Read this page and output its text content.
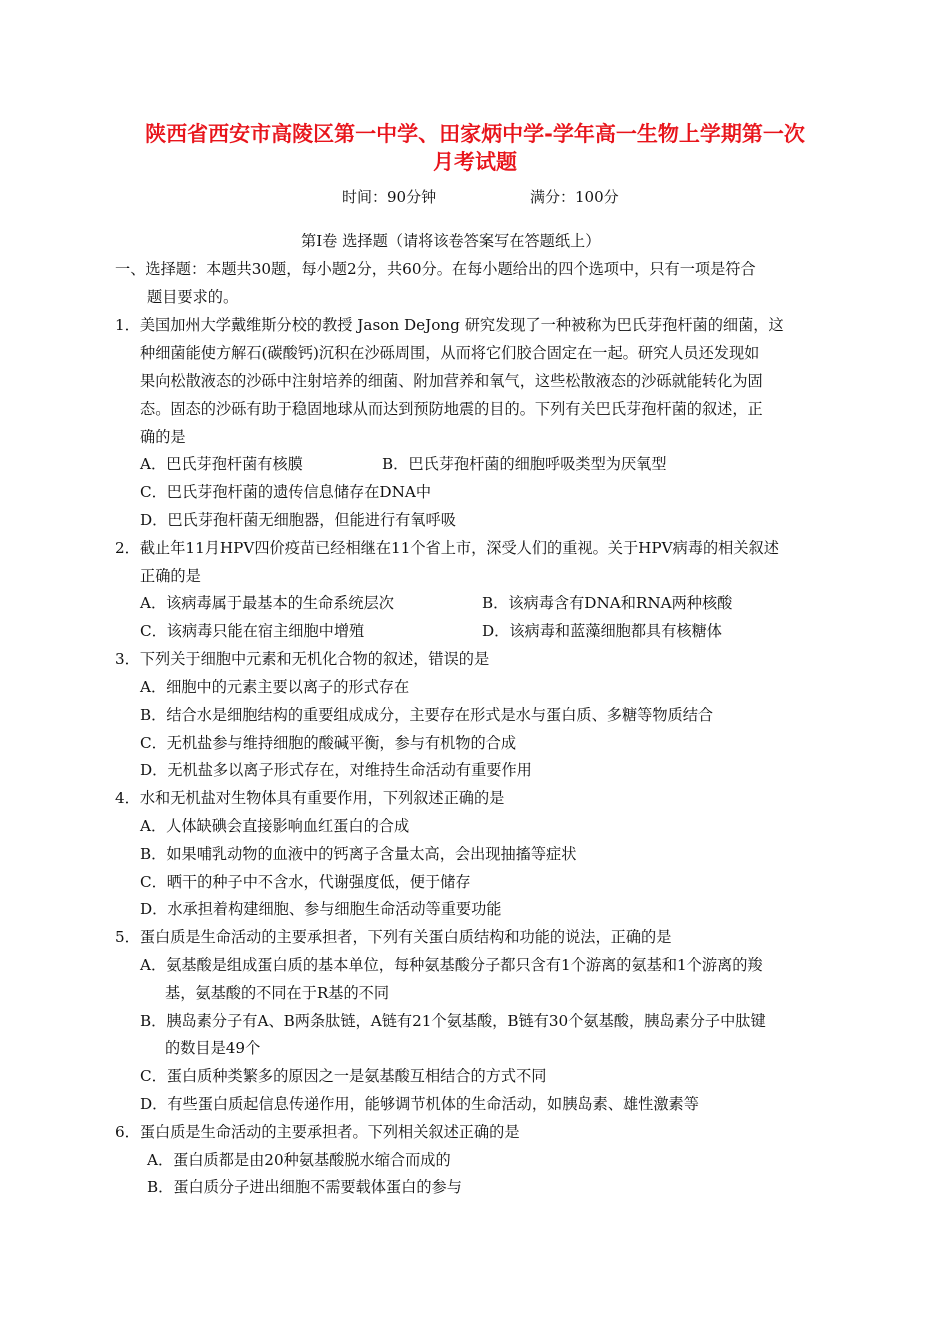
陕西省西安市高陵区第一中学、田家炳中学-学年高一生物上学期第一次
月考试题
时间：90分钟	满分：100分
第Ⅰ卷 选择题（请将该卷答案写在答题纸上）
一、选择题：本题共30题，每小题2分，共60分。在每小题给出的四个选项中，只有一项是符合
题目要求的。
1．美国加州大学戴维斯分校的教授 Jason DeJong 研究发现了一种被称为巴氏芽孢杆菌的细菌，这
种细菌能使方解石(碳酸钙)沉积在沙砾周围，从而将它们胶合固定在一起。研究人员还发现如
果向松散液态的沙砾中注射培养的细菌、附加营养和氧气，这些松散液态的沙砾就能转化为固
态。固态的沙砾有助于稳固地球从而达到预防地震的目的。下列有关巴氏芽孢杆菌的叙述，正
确的是
A．巴氏芽孢杆菌有核膜	B．巴氏芽孢杆菌的细胞呼吸类型为厌氧型
C．巴氏芽孢杆菌的遗传信息储存在DNA中
D．巴氏芽孢杆菌无细胞器，但能进行有氧呼吸
2．截止年11月HPV四价疫苗已经相继在11个省上市，深受人们的重视。关于HPV病毒的相关叙述
正确的是
A．该病毒属于最基本的生命系统层次	B．该病毒含有DNA和RNA两种核酸
C．该病毒只能在宿主细胞中增殖	D．该病毒和蓝藻细胞都具有核糖体
3．下列关于细胞中元素和无机化合物的叙述，错误的是
A．细胞中的元素主要以离子的形式存在
B．结合水是细胞结构的重要组成成分，主要存在形式是水与蛋白质、多糖等物质结合
C．无机盐参与维持细胞的酸碱平衡，参与有机物的合成
D．无机盐多以离子形式存在，对维持生命活动有重要作用
4．水和无机盐对生物体具有重要作用，下列叙述正确的是
A．人体缺碘会直接影响血红蛋白的合成
B．如果哺乳动物的血液中的钙离子含量太高，会出现抽搐等症状
C．晒干的种子中不含水，代谢强度低，便于储存
D．水承担着构建细胞、参与细胞生命活动等重要功能
5．蛋白质是生命活动的主要承担者，下列有关蛋白质结构和功能的说法，正确的是
A．氨基酸是组成蛋白质的基本单位，每种氨基酸分子都只含有1个游离的氨基和1个游离的羧
基，氨基酸的不同在于R基的不同
B．胰岛素分子有A、B两条肽链，A链有21个氨基酸，B链有30个氨基酸，胰岛素分子中肽键
的数目是49个
C．蛋白质种类繁多的原因之一是氨基酸互相结合的方式不同
D．有些蛋白质起信息传递作用，能够调节机体的生命活动，如胰岛素、雄性激素等
6．蛋白质是生命活动的主要承担者。下列相关叙述正确的是
A．蛋白质都是由20种氨基酸脱水缩合而成的
B．蛋白质分子进出细胞不需要载体蛋白的参与
